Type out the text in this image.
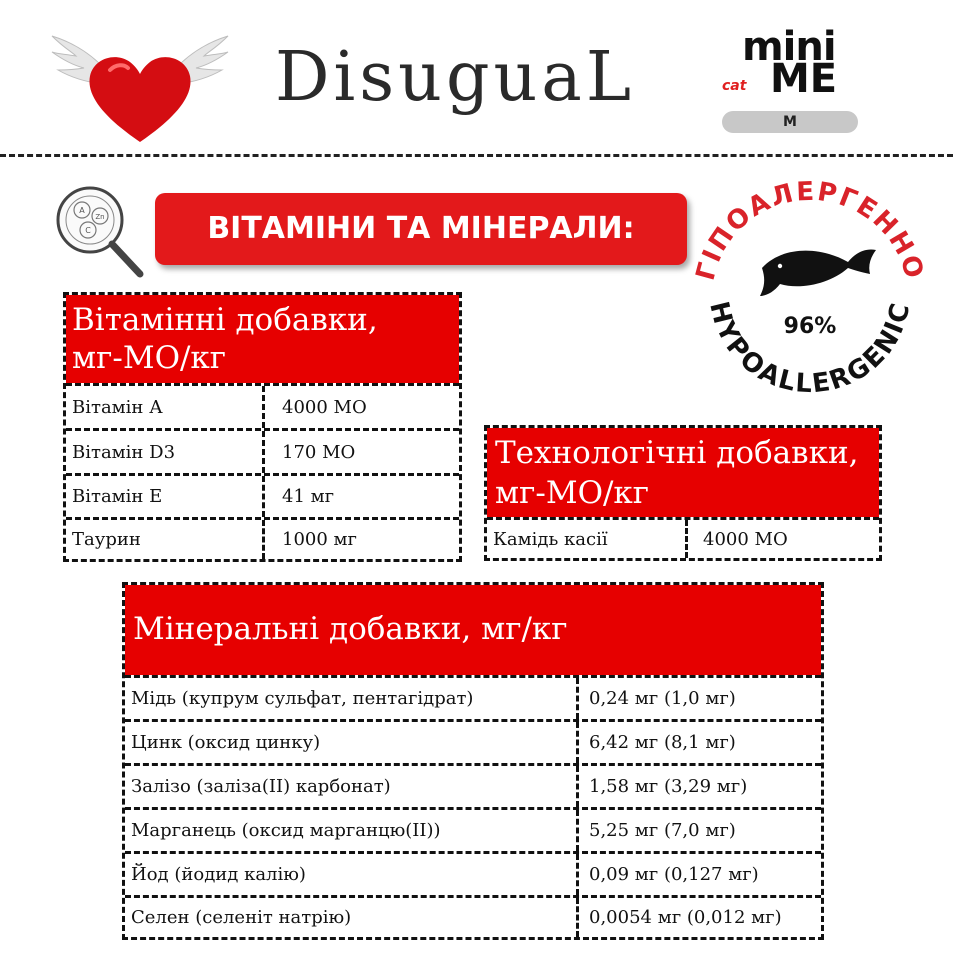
DisuguaL	mini
cat ME
M
A
Zn
C	ВІТАМІНИ ТА МІНЕРАЛИ:
ГІПОАЛЕРГЕННО
HYPOALLERGENIC
96%
Вітамінні добавки,
мг-МО/кг
Вітамін А	4000 МО
Вітамін D3	170 МО
Вітамін Е	41 мг
Таурин	1000 мг
Технологічні добавки,
мг-МО/кг
Камідь касії	4000 МО
Мінеральні добавки, мг/кг
Мідь (купрум сульфат, пентагідрат)	0,24 мг (1,0 мг)
Цинк (оксид цинку)	6,42 мг (8,1 мг)
Залізо (заліза(ІІ) карбонат)	1,58 мг (3,29 мг)
Марганець (оксид марганцю(ІІ))	5,25 мг (7,0 мг)
Йод (йодид калію)	0,09 мг (0,127 мг)
Селен (селеніт натрію)	0,0054 мг (0,012 мг)
